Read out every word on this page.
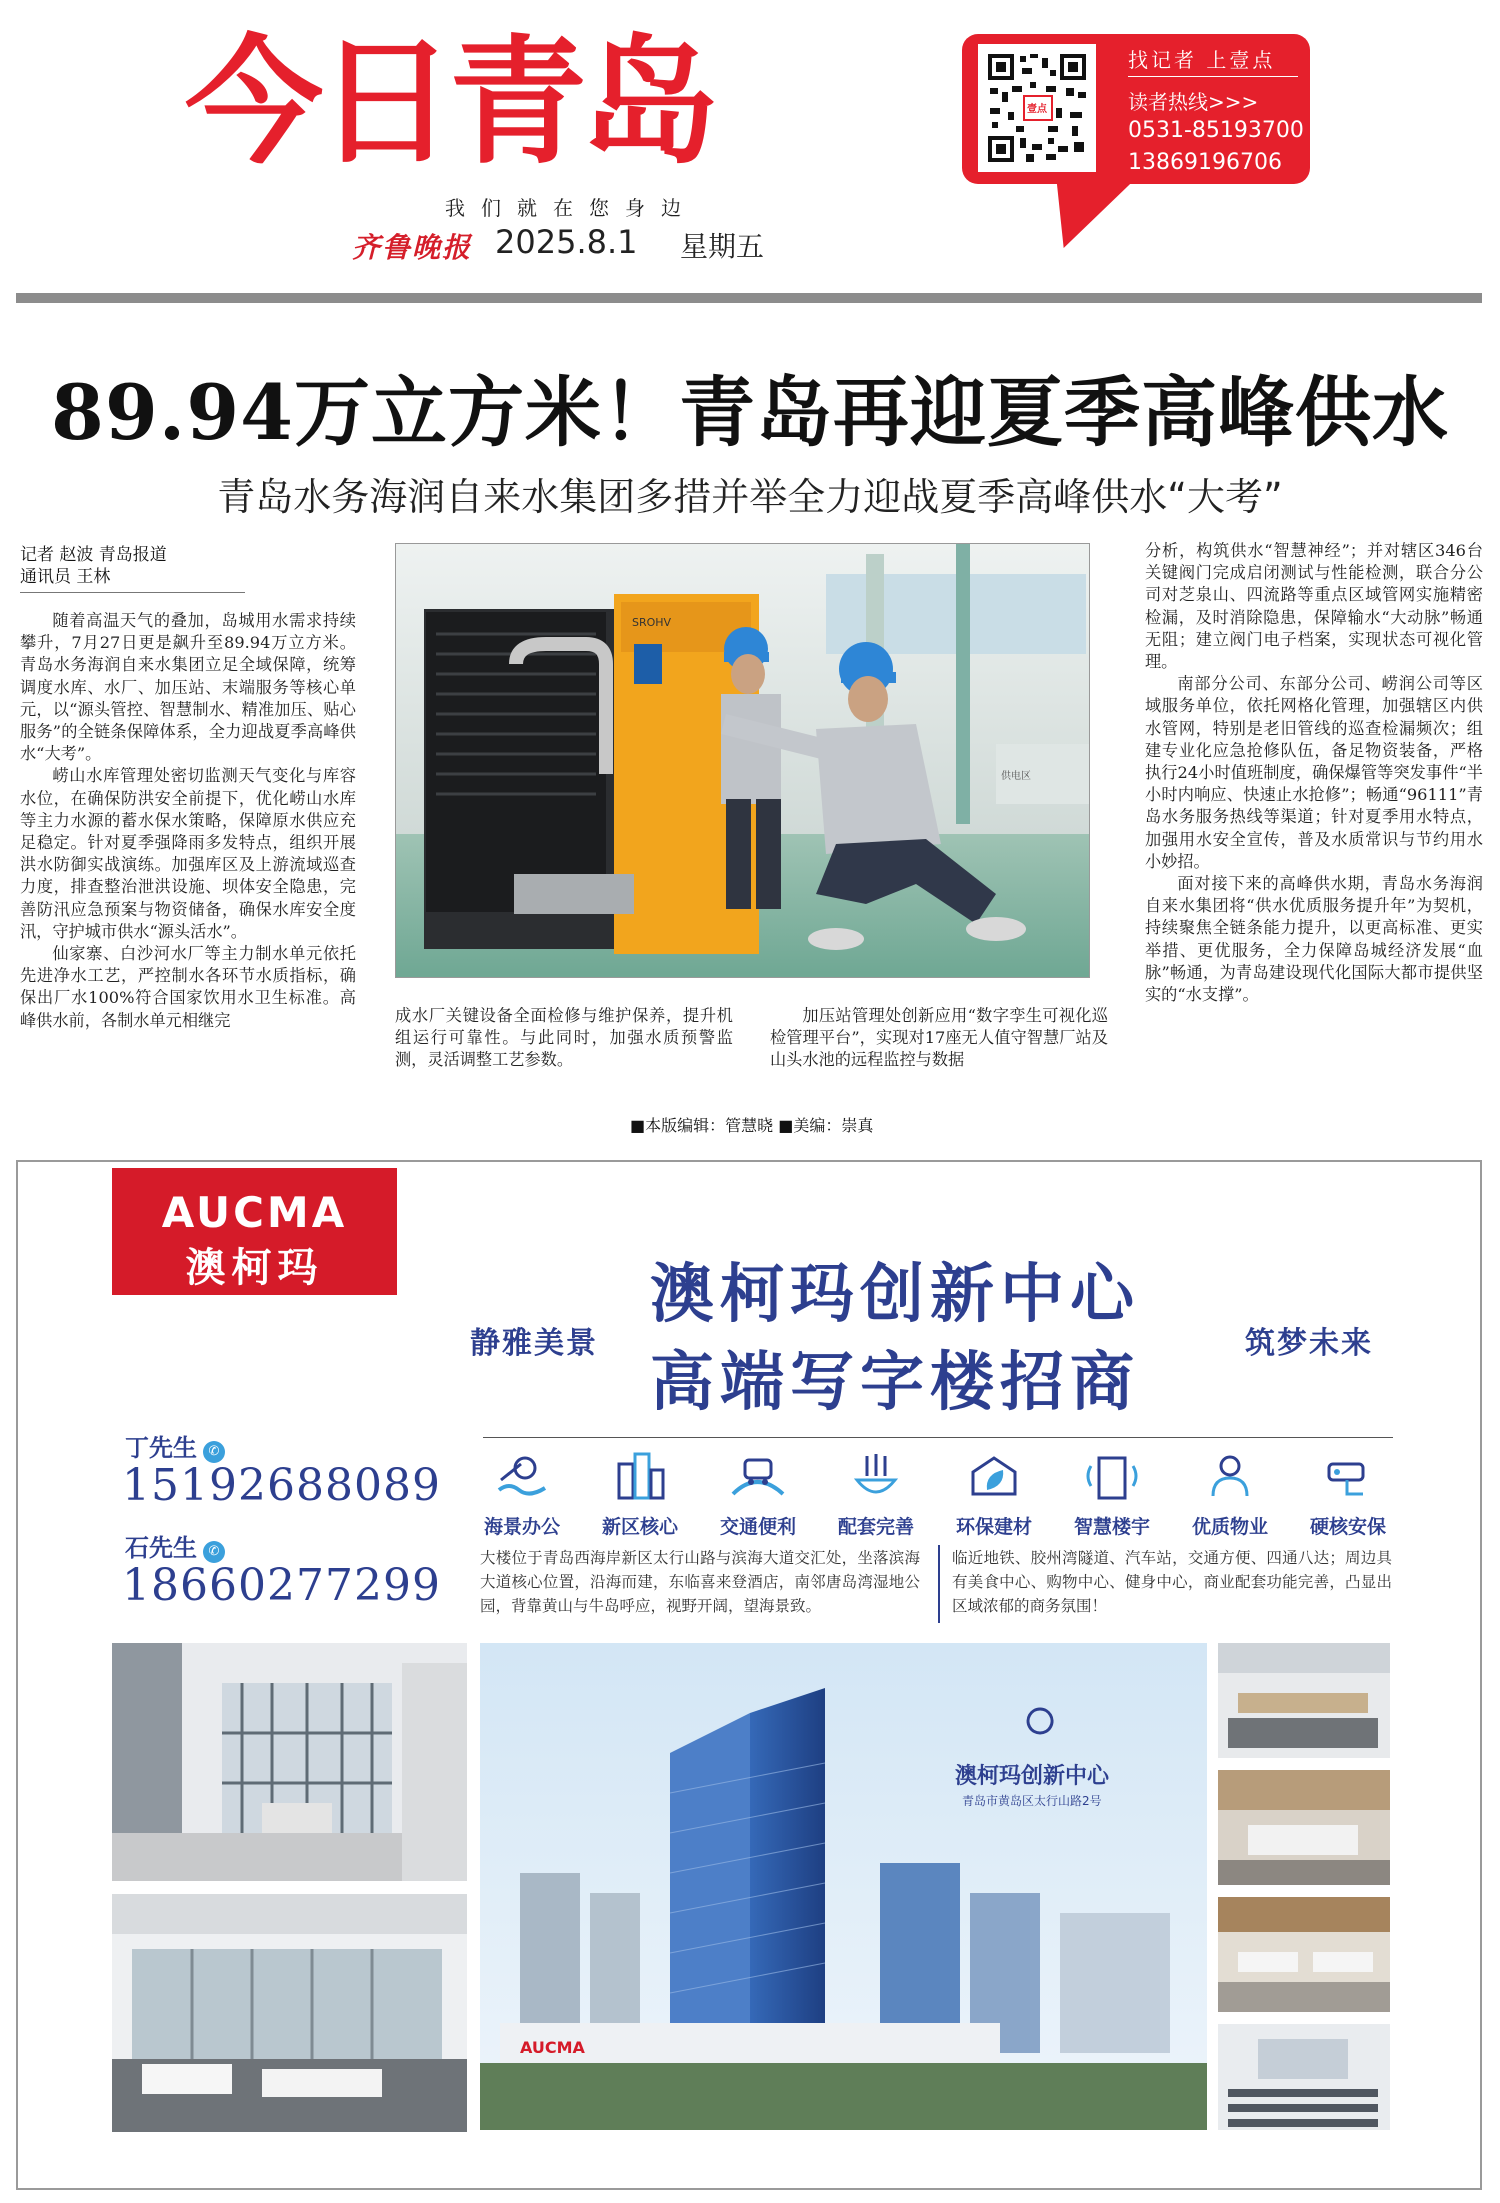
今日青岛
我们就在您身边
齐鲁晚报 2025.8.1 星期五
壹点
找记者 上壹点
读者热线>>>
0531-85193700
13869196706
89.94万立方米！青岛再迎夏季高峰供水
青岛水务海润自来水集团多措并举全力迎战夏季高峰供水“大考”
记者 赵波 青岛报道
通讯员 王林

随着高温天气的叠加，岛城用水需求持续攀升，7月27日更是飙升至89.94万立方米。青岛水务海润自来水集团立足全域保障，统筹调度水库、水厂、加压站、末端服务等核心单元，以“源头管控、智慧制水、精准加压、贴心服务”的全链条保障体系，全力迎战夏季高峰供水“大考”。

崂山水库管理处密切监测天气变化与库容水位，在确保防洪安全前提下，优化崂山水库等主力水源的蓄水保水策略，保障原水供应充足稳定。针对夏季强降雨多发特点，组织开展洪水防御实战演练。加强库区及上游流域巡查力度，排查整治泄洪设施、坝体安全隐患，完善防汛应急预案与物资储备，确保水库安全度汛，守护城市供水“源头活水”。

仙家寨、白沙河水厂等主力制水单元依托先进净水工艺，严控制水各环节水质指标，确保出厂水100%符合国家饮用水卫生标准。高峰供水前，各制水单元相继完

SROHV
供电区

成水厂关键设备全面检修与维护保养，提升机组运行可靠性。与此同时，加强水质预警监测，灵活调整工艺参数。

加压站管理处创新应用“数字孪生可视化巡检管理平台”，实现对17座无人值守智慧厂站及山头水池的远程监控与数据

分析，构筑供水“智慧神经”；并对辖区346台关键阀门完成启闭测试与性能检测，联合分公司对芝泉山、四流路等重点区域管网实施精密检漏，及时消除隐患，保障输水“大动脉”畅通无阻；建立阀门电子档案，实现状态可视化管理。

南部分公司、东部分公司、崂润公司等区域服务单位，依托网格化管理，加强辖区内供水管网，特别是老旧管线的巡查检漏频次；组建专业化应急抢修队伍，备足物资装备，严格执行24小时值班制度，确保爆管等突发事件“半小时内响应、快速止水抢修”；畅通“96111”青岛水务服务热线等渠道；针对夏季用水特点，加强用水安全宣传，普及水质常识与节约用水小妙招。

面对接下来的高峰供水期，青岛水务海润自来水集团将“供水优质服务提升年”为契机，持续聚焦全链条能力提升，以更高标准、更实举措、更优服务，全力保障岛城经济发展“血脉”畅通，为青岛建设现代化国际大都市提供坚实的“水支撑”。

■本版编辑：管慧晓 ■美编：崇真
AUCMA
澳柯玛	澳柯玛创新中心
高端写字楼招商
静雅美景	筑梦未来
丁先生 ✆
15192688089
石先生 ✆
18660277299
海景办公	新区核心	交通便利	配套完善	环保建材	智慧楼宇	优质物业	硬核安保
大楼位于青岛西海岸新区太行山路与滨海大道交汇处，坐落滨海大道核心位置，沿海而建，东临喜来登酒店，南邻唐岛湾湿地公园，背靠黄山与牛岛呼应，视野开阔，望海景致。
临近地铁、胶州湾隧道、汽车站，交通方便、四通八达；周边具有美食中心、购物中心、健身中心，商业配套功能完善，凸显出区域浓郁的商务氛围！
AUCMA
澳柯玛创新中心
青岛市黄岛区太行山路2号
